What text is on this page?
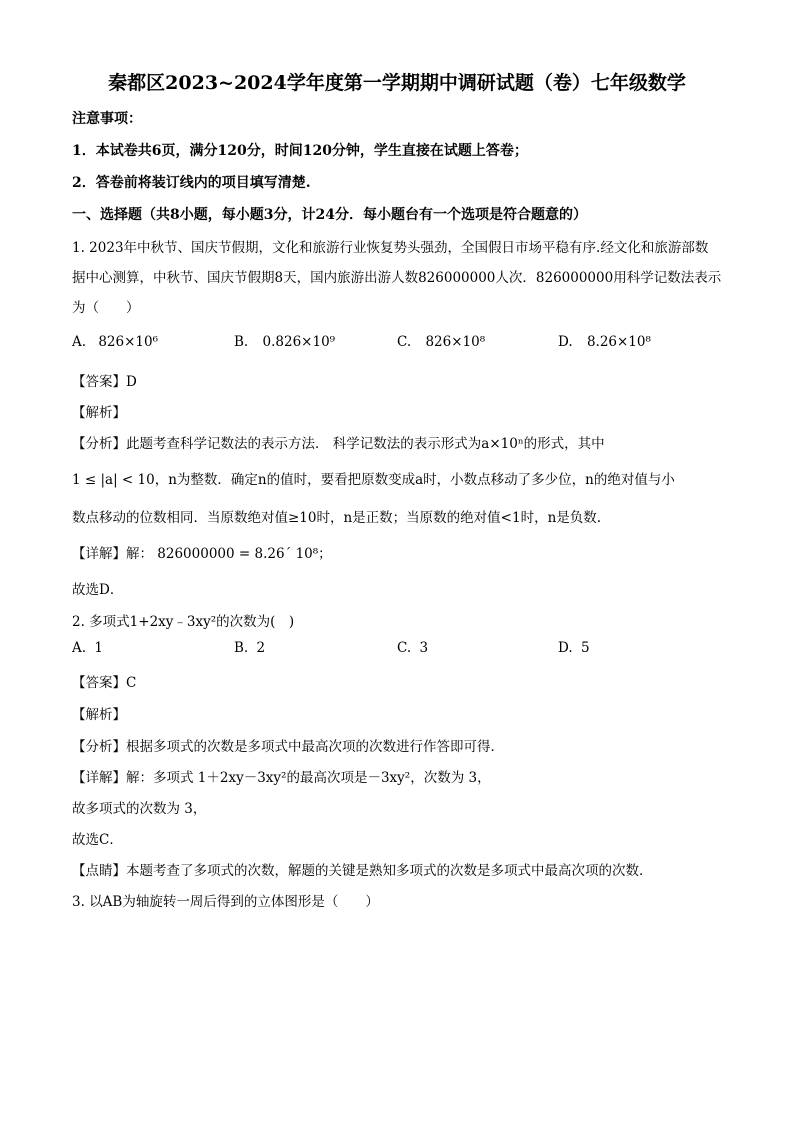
秦都区2023~2024学年度第一学期期中调研试题（卷）七年级数学
注意事项：
1．本试卷共6页，满分120分，时间120分钟，学生直接在试题上答卷；
2．答卷前将装订线内的项目填写清楚.
一、选择题（共8小题，每小题3分，计24分．每小题台有一个选项是符合题意的）
1. 2023年中秋节、国庆节假期，文化和旅游行业恢复势头强劲，全国假日市场平稳有序.经文化和旅游部数
据中心测算，中秋节、国庆节假期8天，国内旅游出游人数826000000人次．826000000用科学记数法表示
为（　　）
A. 826×10⁶	B. 0.826×10⁹	C. 826×10⁸	D. 8.26×10⁸
【答案】D
【解析】
【分析】此题考查科学记数法的表示方法． 科学记数法的表示形式为a×10ⁿ的形式，其中
1 ≤ |a| < 10，n为整数．确定n的值时，要看把原数变成a时，小数点移动了多少位，n的绝对值与小
数点移动的位数相同．当原数绝对值≥10时，n是正数；当原数的绝对值<1时，n是负数.
【详解】解： 826000000 = 8.26´ 10⁸；
故选D．
2. 多项式1+2xy﹣3xy²的次数为(　)
A. 1	B. 2	C. 3	D. 5
【答案】C
【解析】
【分析】根据多项式的次数是多项式中最高次项的次数进行作答即可得．
【详解】解：多项式 1＋2xy－3xy²的最高次项是－3xy²，次数为 3，
故多项式的次数为 3，
故选C．
【点睛】本题考查了多项式的次数，解题的关键是熟知多项式的次数是多项式中最高次项的次数．
3. 以AB为轴旋转一周后得到的立体图形是（　　）
